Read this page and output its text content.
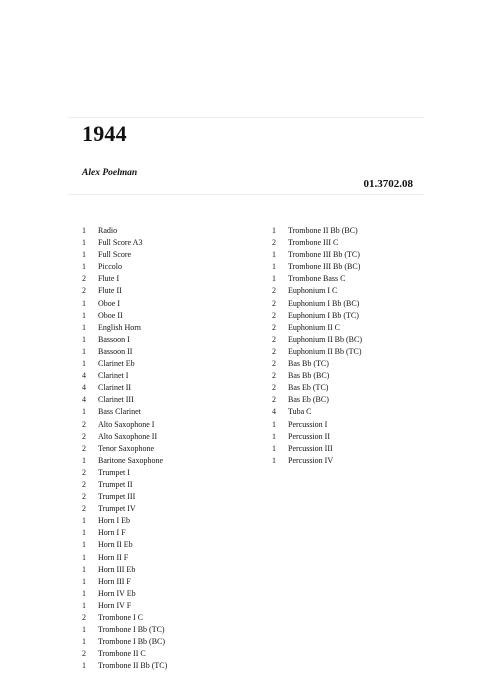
1944
Alex Poelman
01.3702.08
1	Radio
1	Full Score A3
1	Full Score
1	Piccolo
2	Flute I
2	Flute II
1	Oboe I
1	Oboe II
1	English Horn
1	Bassoon I
1	Bassoon II
1	Clarinet Eb
4	Clarinet I
4	Clarinet II
4	Clarinet III
1	Bass Clarinet
2	Alto Saxophone I
2	Alto Saxophone II
2	Tenor Saxophone
1	Baritone Saxophone
2	Trumpet I
2	Trumpet II
2	Trumpet III
2	Trumpet IV
1	Horn I Eb
1	Horn I F
1	Horn II Eb
1	Horn II F
1	Horn III Eb
1	Horn III F
1	Horn IV Eb
1	Horn IV F
2	Trombone I C
1	Trombone I Bb (TC)
1	Trombone I Bb (BC)
2	Trombone II C
1	Trombone II Bb (TC)
1	Trombone II Bb (BC)
2	Trombone III C
1	Trombone III Bb (TC)
1	Trombone III Bb (BC)
1	Trombone Bass C
2	Euphonium I C
2	Euphonium I Bb (BC)
2	Euphonium I Bb (TC)
2	Euphonium II C
2	Euphonium II Bb (BC)
2	Euphonium II Bb (TC)
2	Bas Bb (TC)
2	Bas Bb (BC)
2	Bas Eb (TC)
2	Bas Eb (BC)
4	Tuba C
1	Percussion I
1	Percussion II
1	Percussion III
1	Percussion IV
